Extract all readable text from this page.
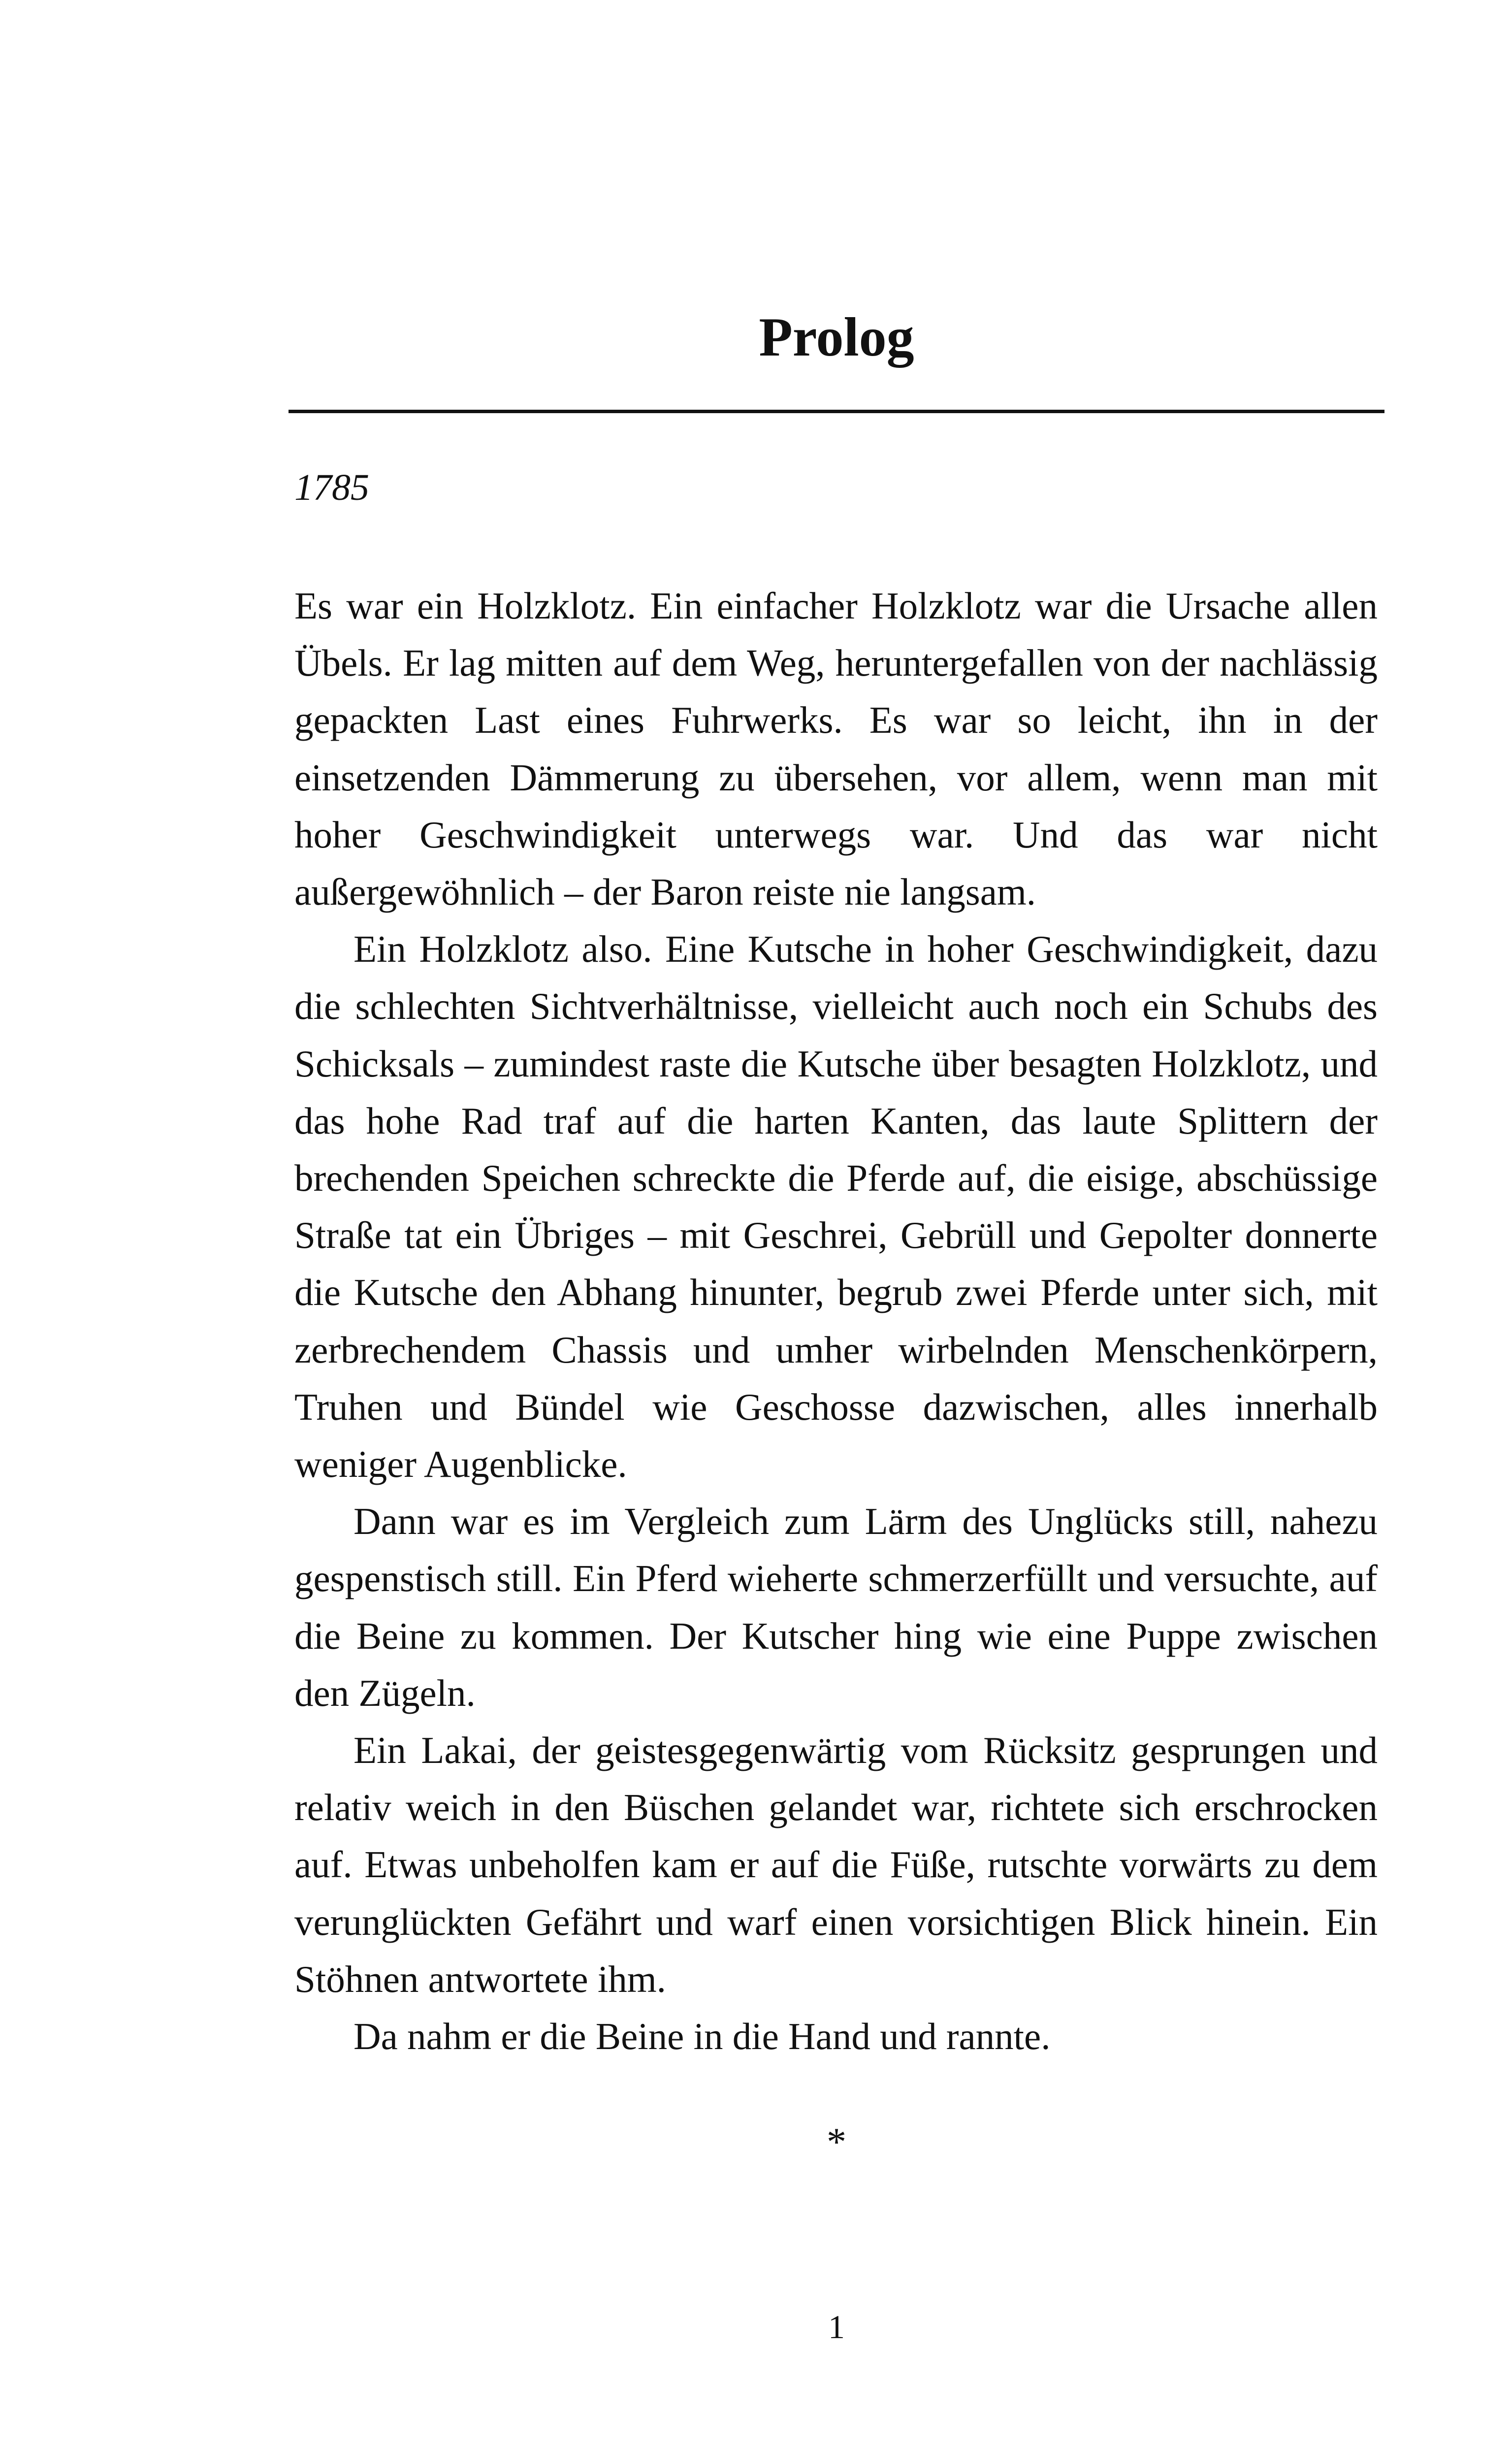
Prolog

1785

Es war ein Holzklotz. Ein einfacher Holzklotz war die Ursache allen Übels. Er lag mitten auf dem Weg, heruntergefallen von der nachlässig gepackten Last eines Fuhrwerks. Es war so leicht, ihn in der einsetzenden Dämmerung zu übersehen, vor allem, wenn man mit hoher Geschwindigkeit unterwegs war. Und das war nicht außergewöhnlich – der Baron reiste nie langsam.

Ein Holzklotz also. Eine Kutsche in hoher Geschwindigkeit, dazu die schlechten Sichtverhältnisse, vielleicht auch noch ein Schubs des Schicksals – zumindest raste die Kutsche über besagten Holzklotz, und das hohe Rad traf auf die harten Kanten, das laute Splittern der brechenden Speichen schreckte die Pferde auf, die eisige, abschüssige Straße tat ein Übriges – mit Geschrei, Gebrüll und Gepolter donnerte die Kutsche den Abhang hinunter, begrub zwei Pferde unter sich, mit zerbrechendem Chassis und umher wirbelnden Menschenkörpern, Truhen und Bündel wie Geschosse dazwischen, alles innerhalb weniger Augenblicke.

Dann war es im Vergleich zum Lärm des Unglücks still, nahezu gespenstisch still. Ein Pferd wieherte schmerzerfüllt und versuchte, auf die Beine zu kommen. Der Kutscher hing wie eine Puppe zwischen den Zügeln.

Ein Lakai, der geistesgegenwärtig vom Rücksitz gesprungen und relativ weich in den Büschen gelandet war, richtete sich erschrocken auf. Etwas unbeholfen kam er auf die Füße, rutschte vorwärts zu dem verunglückten Gefährt und warf einen vorsichtigen Blick hinein. Ein Stöhnen antwortete ihm.

Da nahm er die Beine in die Hand und rannte.

*

1
